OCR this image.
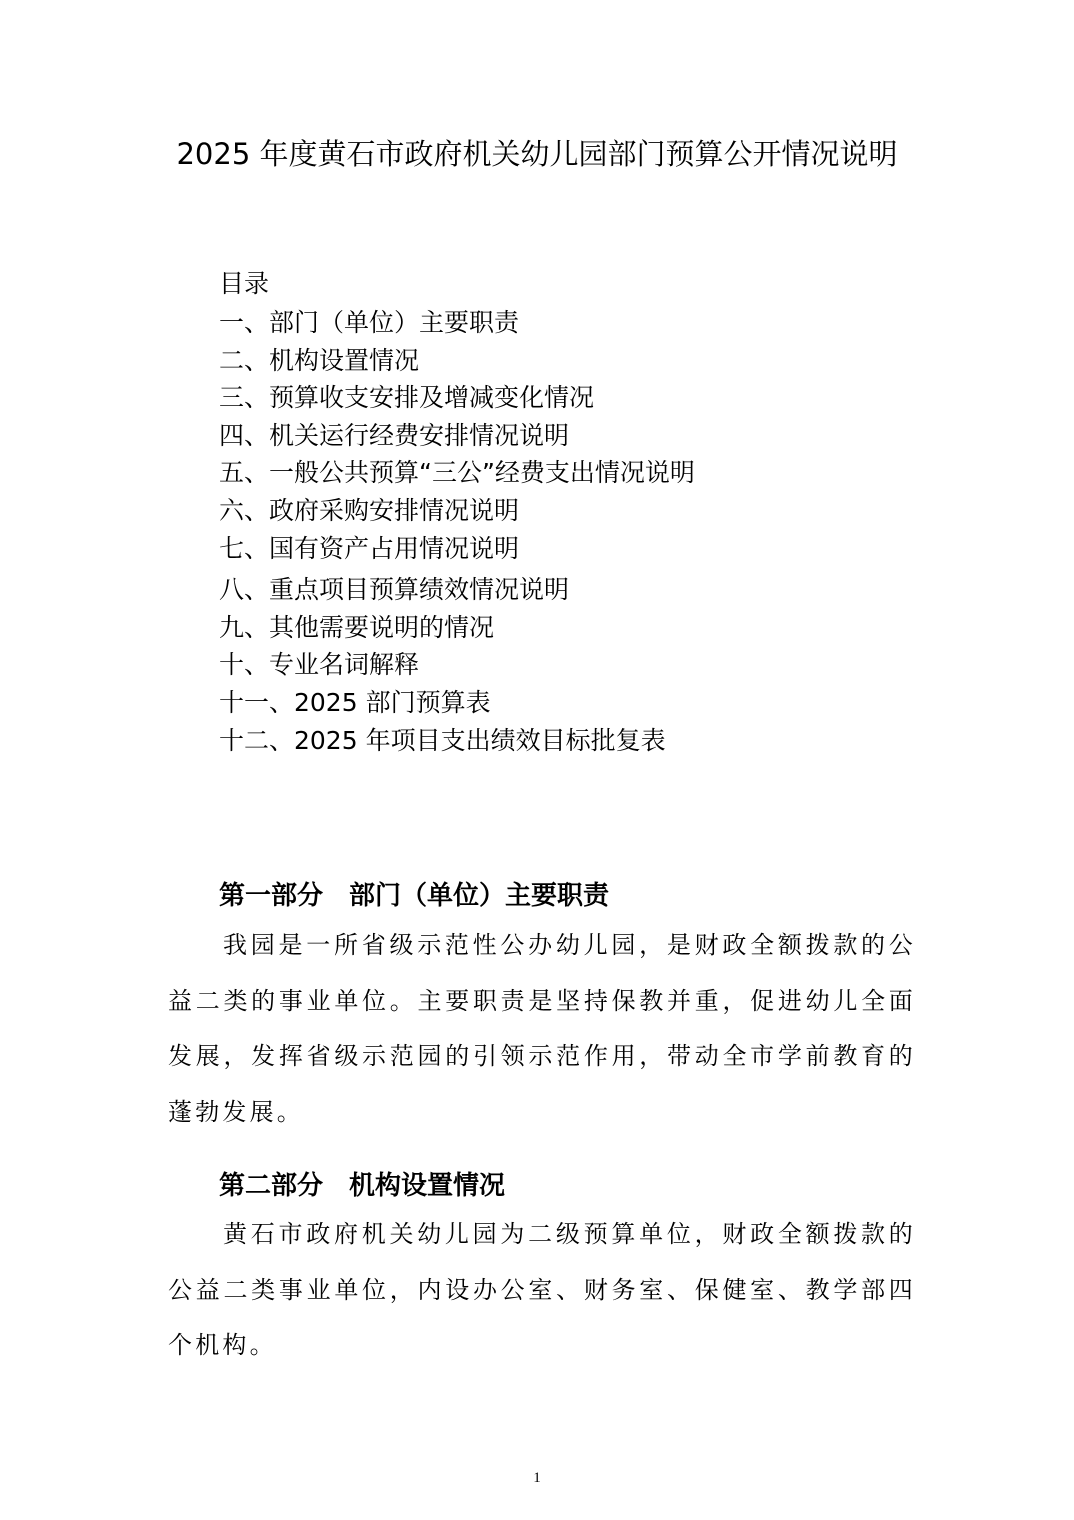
2025 年度黄石市政府机关幼儿园部门预算公开情况说明
目录
一、部门（单位）主要职责
二、机构设置情况
三、预算收支安排及增减变化情况
四、机关运行经费安排情况说明
五、一般公共预算“三公”经费支出情况说明
六、政府采购安排情况说明
七、国有资产占用情况说明
八、重点项目预算绩效情况说明
九、其他需要说明的情况
十、专业名词解释
十一、2025 部门预算表
十二、2025 年项目支出绩效目标批复表
第一部分　部门（单位）主要职责

我园是一所省级示范性公办幼儿园，是财政全额拨款的公益二类的事业单位。主要职责是坚持保教并重，促进幼儿全面发展，发挥省级示范园的引领示范作用，带动全市学前教育的蓬勃发展。

第二部分　机构设置情况

黄石市政府机关幼儿园为二级预算单位，财政全额拨款的公益二类事业单位，内设办公室、财务室、保健室、教学部四个机构。

1
